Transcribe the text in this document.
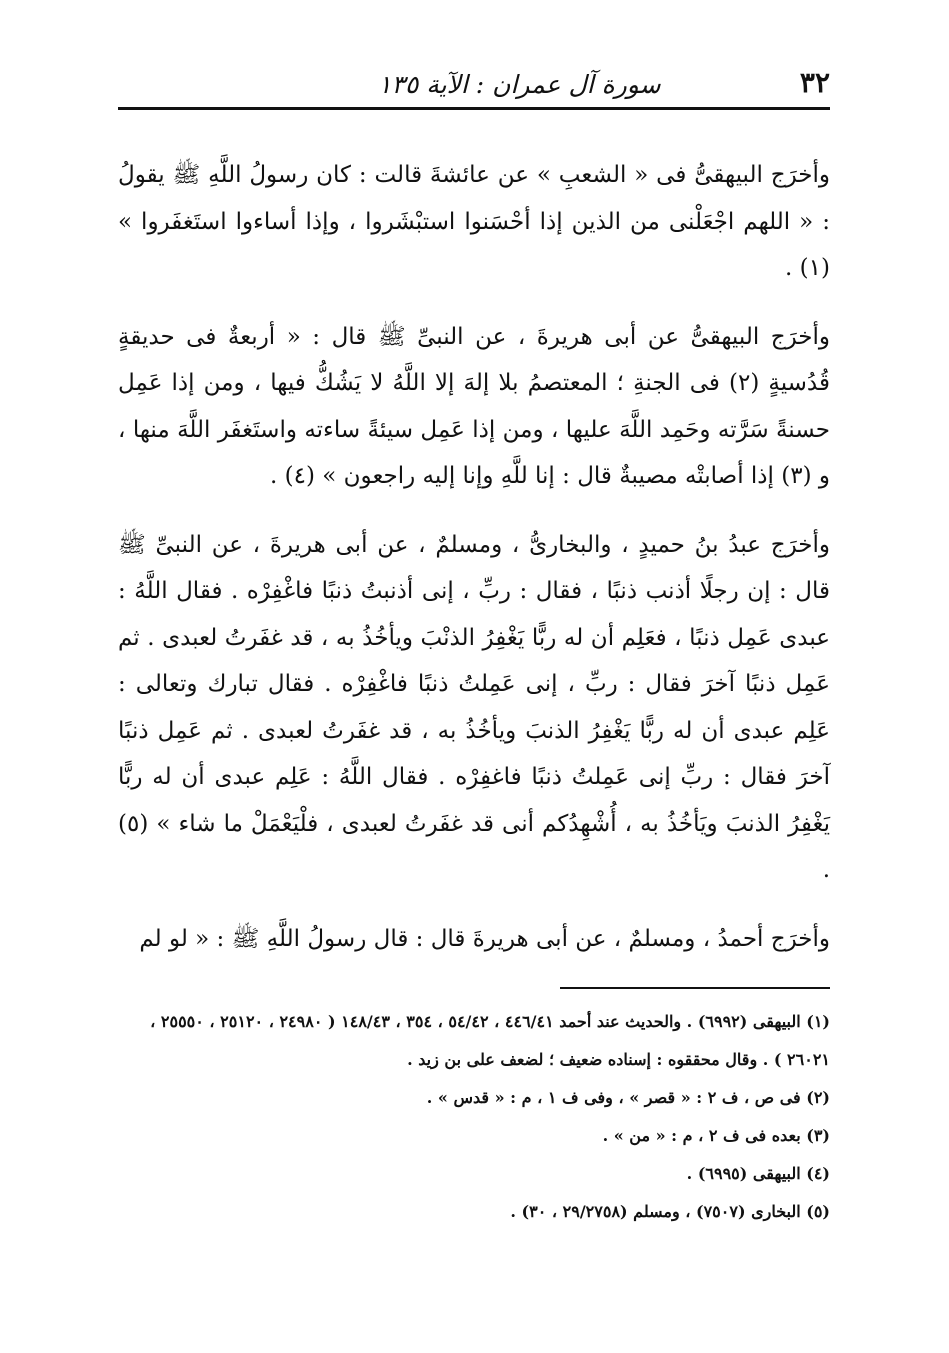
٣٢
سورة آل عمران : الآية ١٣٥

وأخرَج البيهقىُّ فى « الشعبِ » عن عائشةَ قالت : كان رسولُ اللَّهِ ﷺ يقولُ : « اللهم اجْعَلْنى من الذين إذا أحْسَنوا استبْشَروا ، وإذا أساءوا استَغفَروا » (١) .

وأخرَج البيهقىُّ عن أبى هريرةَ ، عن النبىِّ ﷺ قال : « أربعةٌ فى حديقةٍ قُدُسيةٍ (٢) فى الجنةِ ؛ المعتصمُ بلا إلهَ إلا اللَّهُ لا يَشُكُّ فيها ، ومن إذا عَمِل حسنةً سَرَّته وحَمِد اللَّهَ عليها ، ومن إذا عَمِل سيئةً ساءته واستَغفَر اللَّهَ منها ، و (٣) إذا أصابتْه مصيبةٌ قال : إنا للَّهِ وإنا إليه راجعون » (٤) .

وأخرَج عبدُ بنُ حميدٍ ، والبخارىُّ ، ومسلمٌ ، عن أبى هريرةَ ، عن النبىِّ ﷺ قال : إن رجلًا أذنب ذنبًا ، فقال : ربِّ ، إنى أذنبتُ ذنبًا فاغْفِرْه . فقال اللَّهُ : عبدى عَمِل ذنبًا ، فعَلِم أن له ربًّا يَغْفِرُ الذنْبَ ويأخُذُ به ، قد غفَرتُ لعبدى . ثم عَمِل ذنبًا آخرَ فقال : ربِّ ، إنى عَمِلتُ ذنبًا فاغْفِرْه . فقال تبارك وتعالى : عَلِم عبدى أن له ربًّا يَغْفِرُ الذنبَ ويأخُذُ به ، قد غفَرتُ لعبدى . ثم عَمِل ذنبًا آخرَ فقال : ربِّ إنى عَمِلتُ ذنبًا فاغفِرْه . فقال اللَّهُ : عَلِم عبدى أن له ربًّا يَغْفِرُ الذنبَ ويَأخُذُ به ، أُشْهِدُكم أنى قد غفَرتُ لعبدى ، فلْيَعْمَلْ ما شاء » (٥) .

وأخرَج أحمدُ ، ومسلمٌ ، عن أبى هريرةَ قال : قال رسولُ اللَّهِ ﷺ : « لو لم

(١) البيهقى (٦٩٩٢) . والحديث عند أحمد ٤٤٦/٤١ ، ٥٤/٤٢ ، ٣٥٤ ، ١٤٨/٤٣ ( ٢٤٩٨٠ ، ٢٥١٢٠ ، ٢٥٥٥٠ ، ٢٦٠٢١ ) . وقال محققوه : إسناده ضعيف ؛ لضعف على بن زيد .

(٢) فى ص ، ف ٢ : « قصر » ، وفى ف ١ ، م : « قدس » .

(٣) بعده فى ف ٢ ، م : « من » .

(٤) البيهقى (٦٩٩٥) .

(٥) البخارى (٧٥٠٧) ، ومسلم (٢٩/٢٧٥٨ ، ٣٠) .
